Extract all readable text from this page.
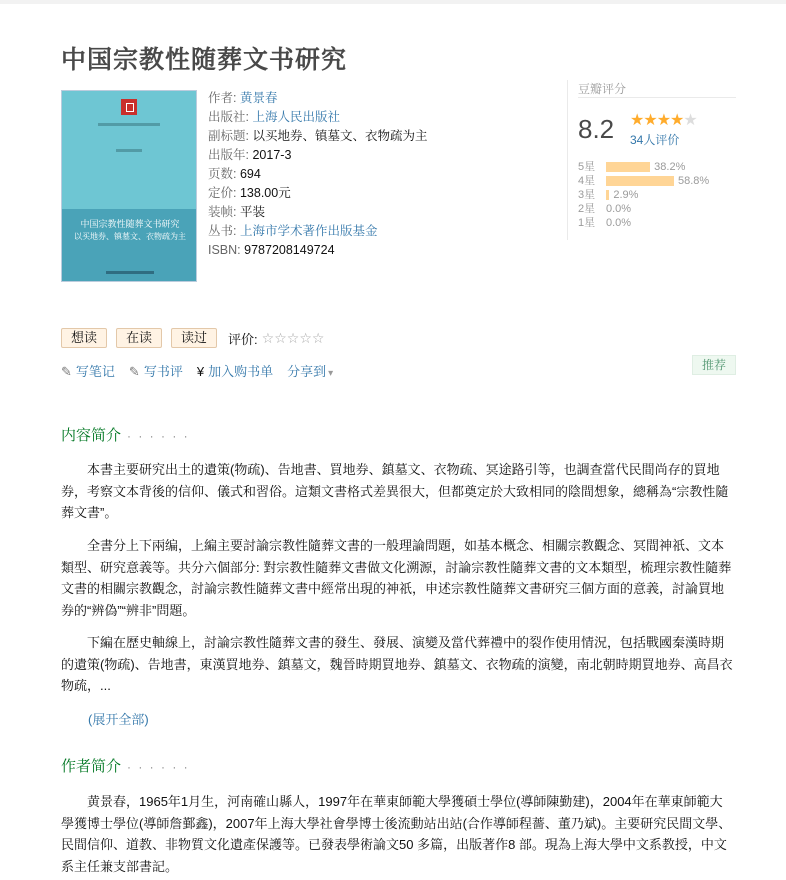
中国宗教性随葬文书研究
中国宗教性随葬文书研究
以买地券、镇墓文、衣物疏为主
作者: 黄景春
出版社: 上海人民出版社
副标题: 以买地券、镇墓文、衣物疏为主
出版年: 2017-3
页数: 694
定价: 138.00元
装帧: 平装
丛书: 上海市学术著作出版基金
ISBN: 9787208149724
豆瓣评分
8.2 ★★★★★
34人评价
5星	38.2%
4星	58.8%
3星	2.9%
2星 0.0%
1星 0.0%
想读	在读	读过	评价: ☆☆☆☆☆
✎ 写笔记 ✎ 写书评 ¥ 加入购书单 分享到 ▾
推荐
内容简介 · · · · · ·
本書主要研究出土的遺策(物疏)、告地書、買地券、鎮墓文、衣物疏、冥途路引等，也調查當代民間尚存的買地券，考察文本背後的信仰、儀式和習俗。這類文書格式差異很大，但都奠定於大致相同的陰間想象，總稱為“宗教性隨葬文書”。
全書分上下兩编，上編主要討論宗教性隨葬文書的一般理論問題，如基本概念、相關宗教觀念、冥間神祇、文本類型、研究意義等。共分六個部分: 對宗教性隨葬文書做文化溯源，討論宗教性隨葬文書的文本類型，梳理宗教性隨葬文書的相關宗教觀念，討論宗教性隨葬文書中經常出現的神祇，申述宗教性隨葬文書研究三個方面的意義，討論買地券的“辨偽”“辨非”問題。
下編在歷史軸線上，討論宗教性隨葬文書的發生、發展、演變及當代葬禮中的裂作使用情況，包括戰國秦漢時期的遺策(物疏)、告地書，東漢買地券、鎮墓文，魏晉時期買地券、鎮墓文、衣物疏的演變，南北朝時期買地券、高昌衣物疏，...
(展开全部)
作者简介 · · · · · ·
黄景春，1965年1月生，河南確山縣人，1997年在華東師範大學獲碩士學位(導師陳勤建)，2004年在華東師範大學獲博士學位(導師詹鄞鑫)，2007年上海大學社會學博士後流動站出站(合作導師程薔、董乃斌)。主要研究民間文學、民間信仰、道教、非物質文化遺產保護等。已發表學術論文50 多篇，出版著作8 部。現為上海大學中文系教授，中文系主任兼支部書記。
